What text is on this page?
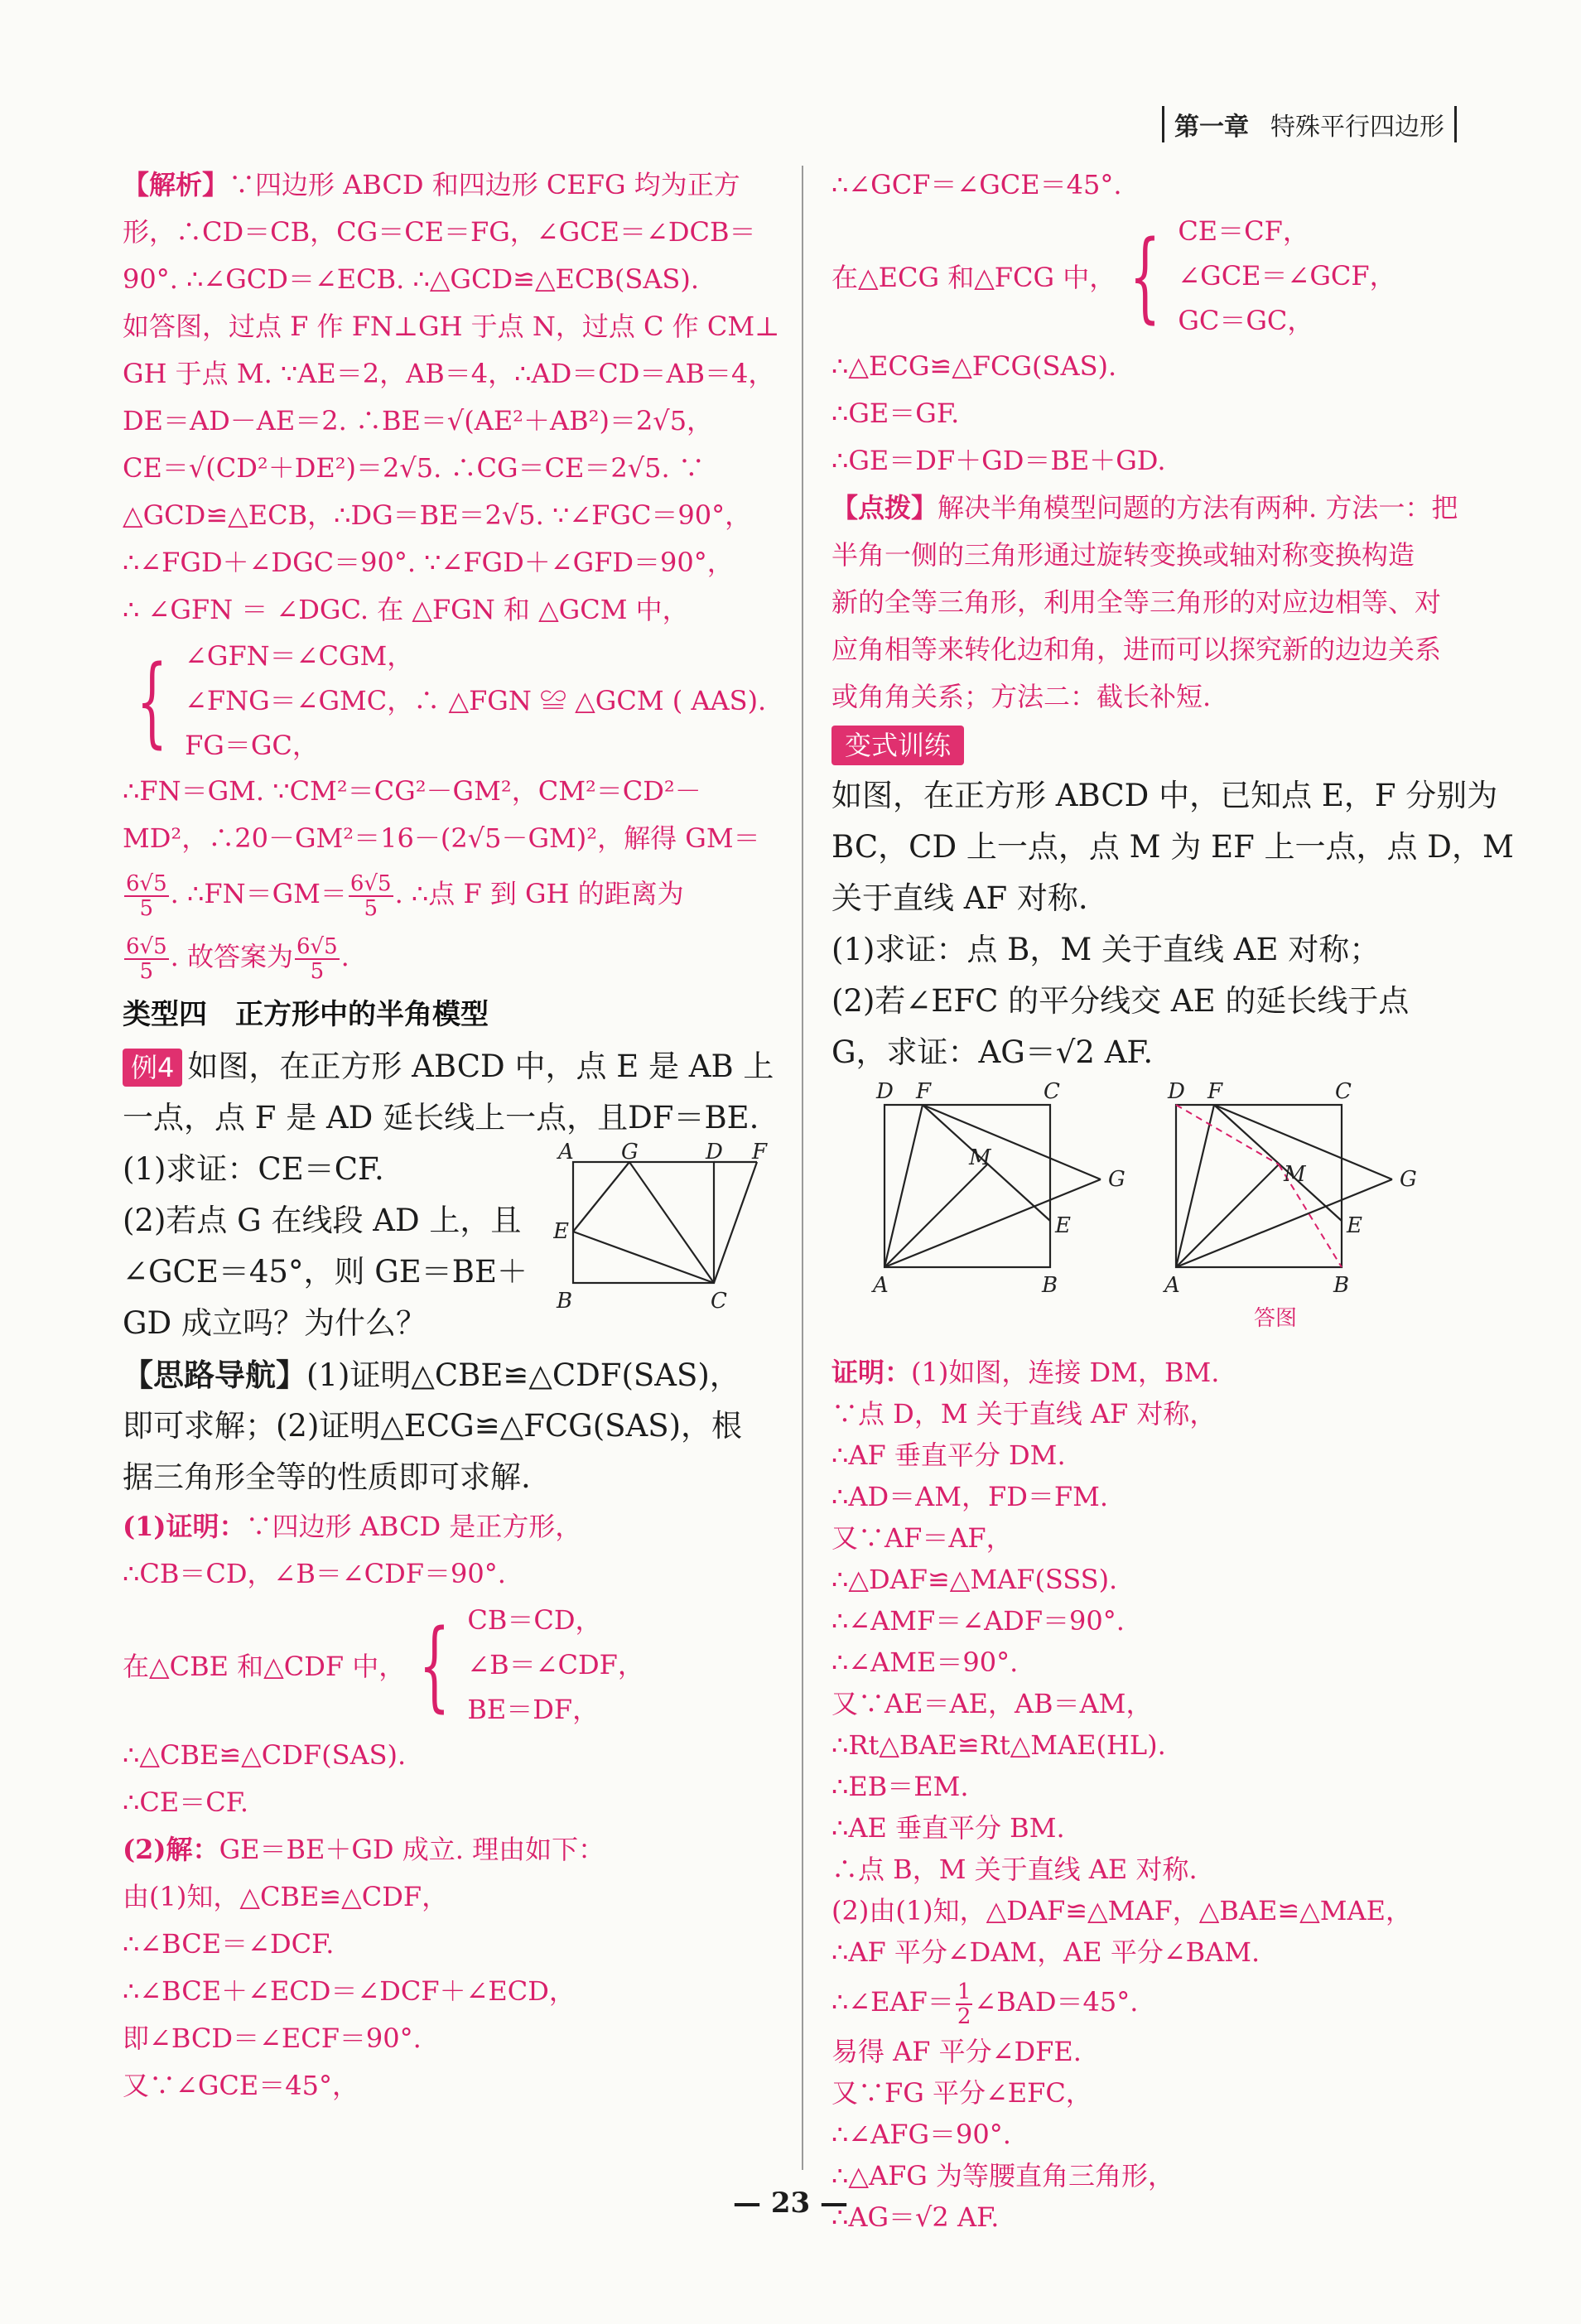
第一章 特殊平行四边形
【解析】∵四边形 ABCD 和四边形 CEFG 均为正方
形，∴CD＝CB，CG＝CE＝FG，∠GCE＝∠DCB＝
90°. ∴∠GCD＝∠ECB. ∴△GCD≌△ECB(SAS).
如答图，过点 F 作 FN⊥GH 于点 N，过点 C 作 CM⊥
GH 于点 M. ∵AE＝2，AB＝4，∴AD＝CD＝AB＝4，
DE＝AD－AE＝2. ∴BE＝√(AE²＋AB²)＝2√5，
CE＝√(CD²＋DE²)＝2√5. ∴CG＝CE＝2√5. ∵
△GCD≌△ECB，∴DG＝BE＝2√5. ∵∠FGC＝90°，
∴∠FGD＋∠DGC＝90°. ∵∠FGD＋∠GFD＝90°，
∴ ∠GFN ＝ ∠DGC. 在 △FGN 和 △GCM 中，
{ ∠GFN＝∠CGM，
∠FNG＝∠GMC，∴ △FGN ≌ △GCM ( AAS).
FG＝GC，
∴FN＝GM. ∵CM²＝CG²－GM²，CM²＝CD²－
MD²，∴20－GM²＝16－(2√5－GM)²，解得 GM＝
$\frac{6√5}{5}$ . ∴FN＝GM＝ $\frac{6√5}{5}$ . ∴点 F 到 GH 的距离为
$\frac{6√5}{5}$ . 故答案为 $\frac{6√5}{5}$ .
类型四　正方形中的半角模型
例4 如图，在正方形 ABCD 中，点 E 是 AB 上
一点，点 F 是 AD 延长线上一点，且DF＝BE.
(1)求证：CE＝CF.
(2)若点 G 在线段 AD 上，且
∠GCE＝45°，则 GE＝BE＋
GD 成立吗？为什么？
A G	D F
E
B	C
【思路导航】(1)证明△CBE≌△CDF(SAS)，
即可求解；(2)证明△ECG≌△FCG(SAS)，根
据三角形全等的性质即可求解.
(1)证明：∵四边形 ABCD 是正方形，
∴CB＝CD，∠B＝∠CDF＝90°.
在△CBE 和△CDF 中， { CB＝CD，
∠B＝∠CDF，
BE＝DF，
∴△CBE≌△CDF(SAS).
∴CE＝CF.
(2)解：GE＝BE＋GD 成立. 理由如下：
由(1)知，△CBE≌△CDF，
∴∠BCE＝∠DCF.
∴∠BCE＋∠ECD＝∠DCF＋∠ECD，
即∠BCD＝∠ECF＝90°.
又∵∠GCE＝45°，
∴∠GCF＝∠GCE＝45°.
在△ECG 和△FCG 中， { CE＝CF，
∠GCE＝∠GCF，
GC＝GC，
∴△ECG≌△FCG(SAS).
∴GE＝GF.
∴GE＝DF＋GD＝BE＋GD.
【点拨】解决半角模型问题的方法有两种. 方法一：把
半角一侧的三角形通过旋转变换或轴对称变换构造
新的全等三角形，利用全等三角形的对应边相等、对
应角相等来转化边和角，进而可以探究新的边边关系
或角角关系；方法二：截长补短.
变式训练
如图，在正方形 ABCD 中，已知点 E，F 分别为
BC，CD 上一点，点 M 为 EF 上一点，点 D，M
关于直线 AF 对称.
(1)求证：点 B，M 关于直线 AE 对称；
(2)若∠EFC 的平分线交 AE 的延长线于点
G，求证：AG＝√2 AF.
D F	C
M
G
E
A	B
D F	C
M	G
E
A	B
答图
证明：(1)如图，连接 DM，BM.
∵点 D，M 关于直线 AF 对称，
∴AF 垂直平分 DM.
∴AD＝AM，FD＝FM.
又∵AF＝AF，
∴△DAF≌△MAF(SSS).
∴∠AMF＝∠ADF＝90°.
∴∠AME＝90°.
又∵AE＝AE，AB＝AM，
∴Rt△BAE≌Rt△MAE(HL).
∴EB＝EM.
∴AE 垂直平分 BM.
∴点 B，M 关于直线 AE 对称.
(2)由(1)知，△DAF≌△MAF，△BAE≌△MAE，
∴AF 平分∠DAM，AE 平分∠BAM.
∴∠EAF＝ $\frac{1}{2}$ ∠BAD＝45°.
易得 AF 平分∠DFE.
又∵FG 平分∠EFC，
∴∠AFG＝90°.
∴△AFG 为等腰直角三角形，
∴AG＝√2 AF.
— 23 —
